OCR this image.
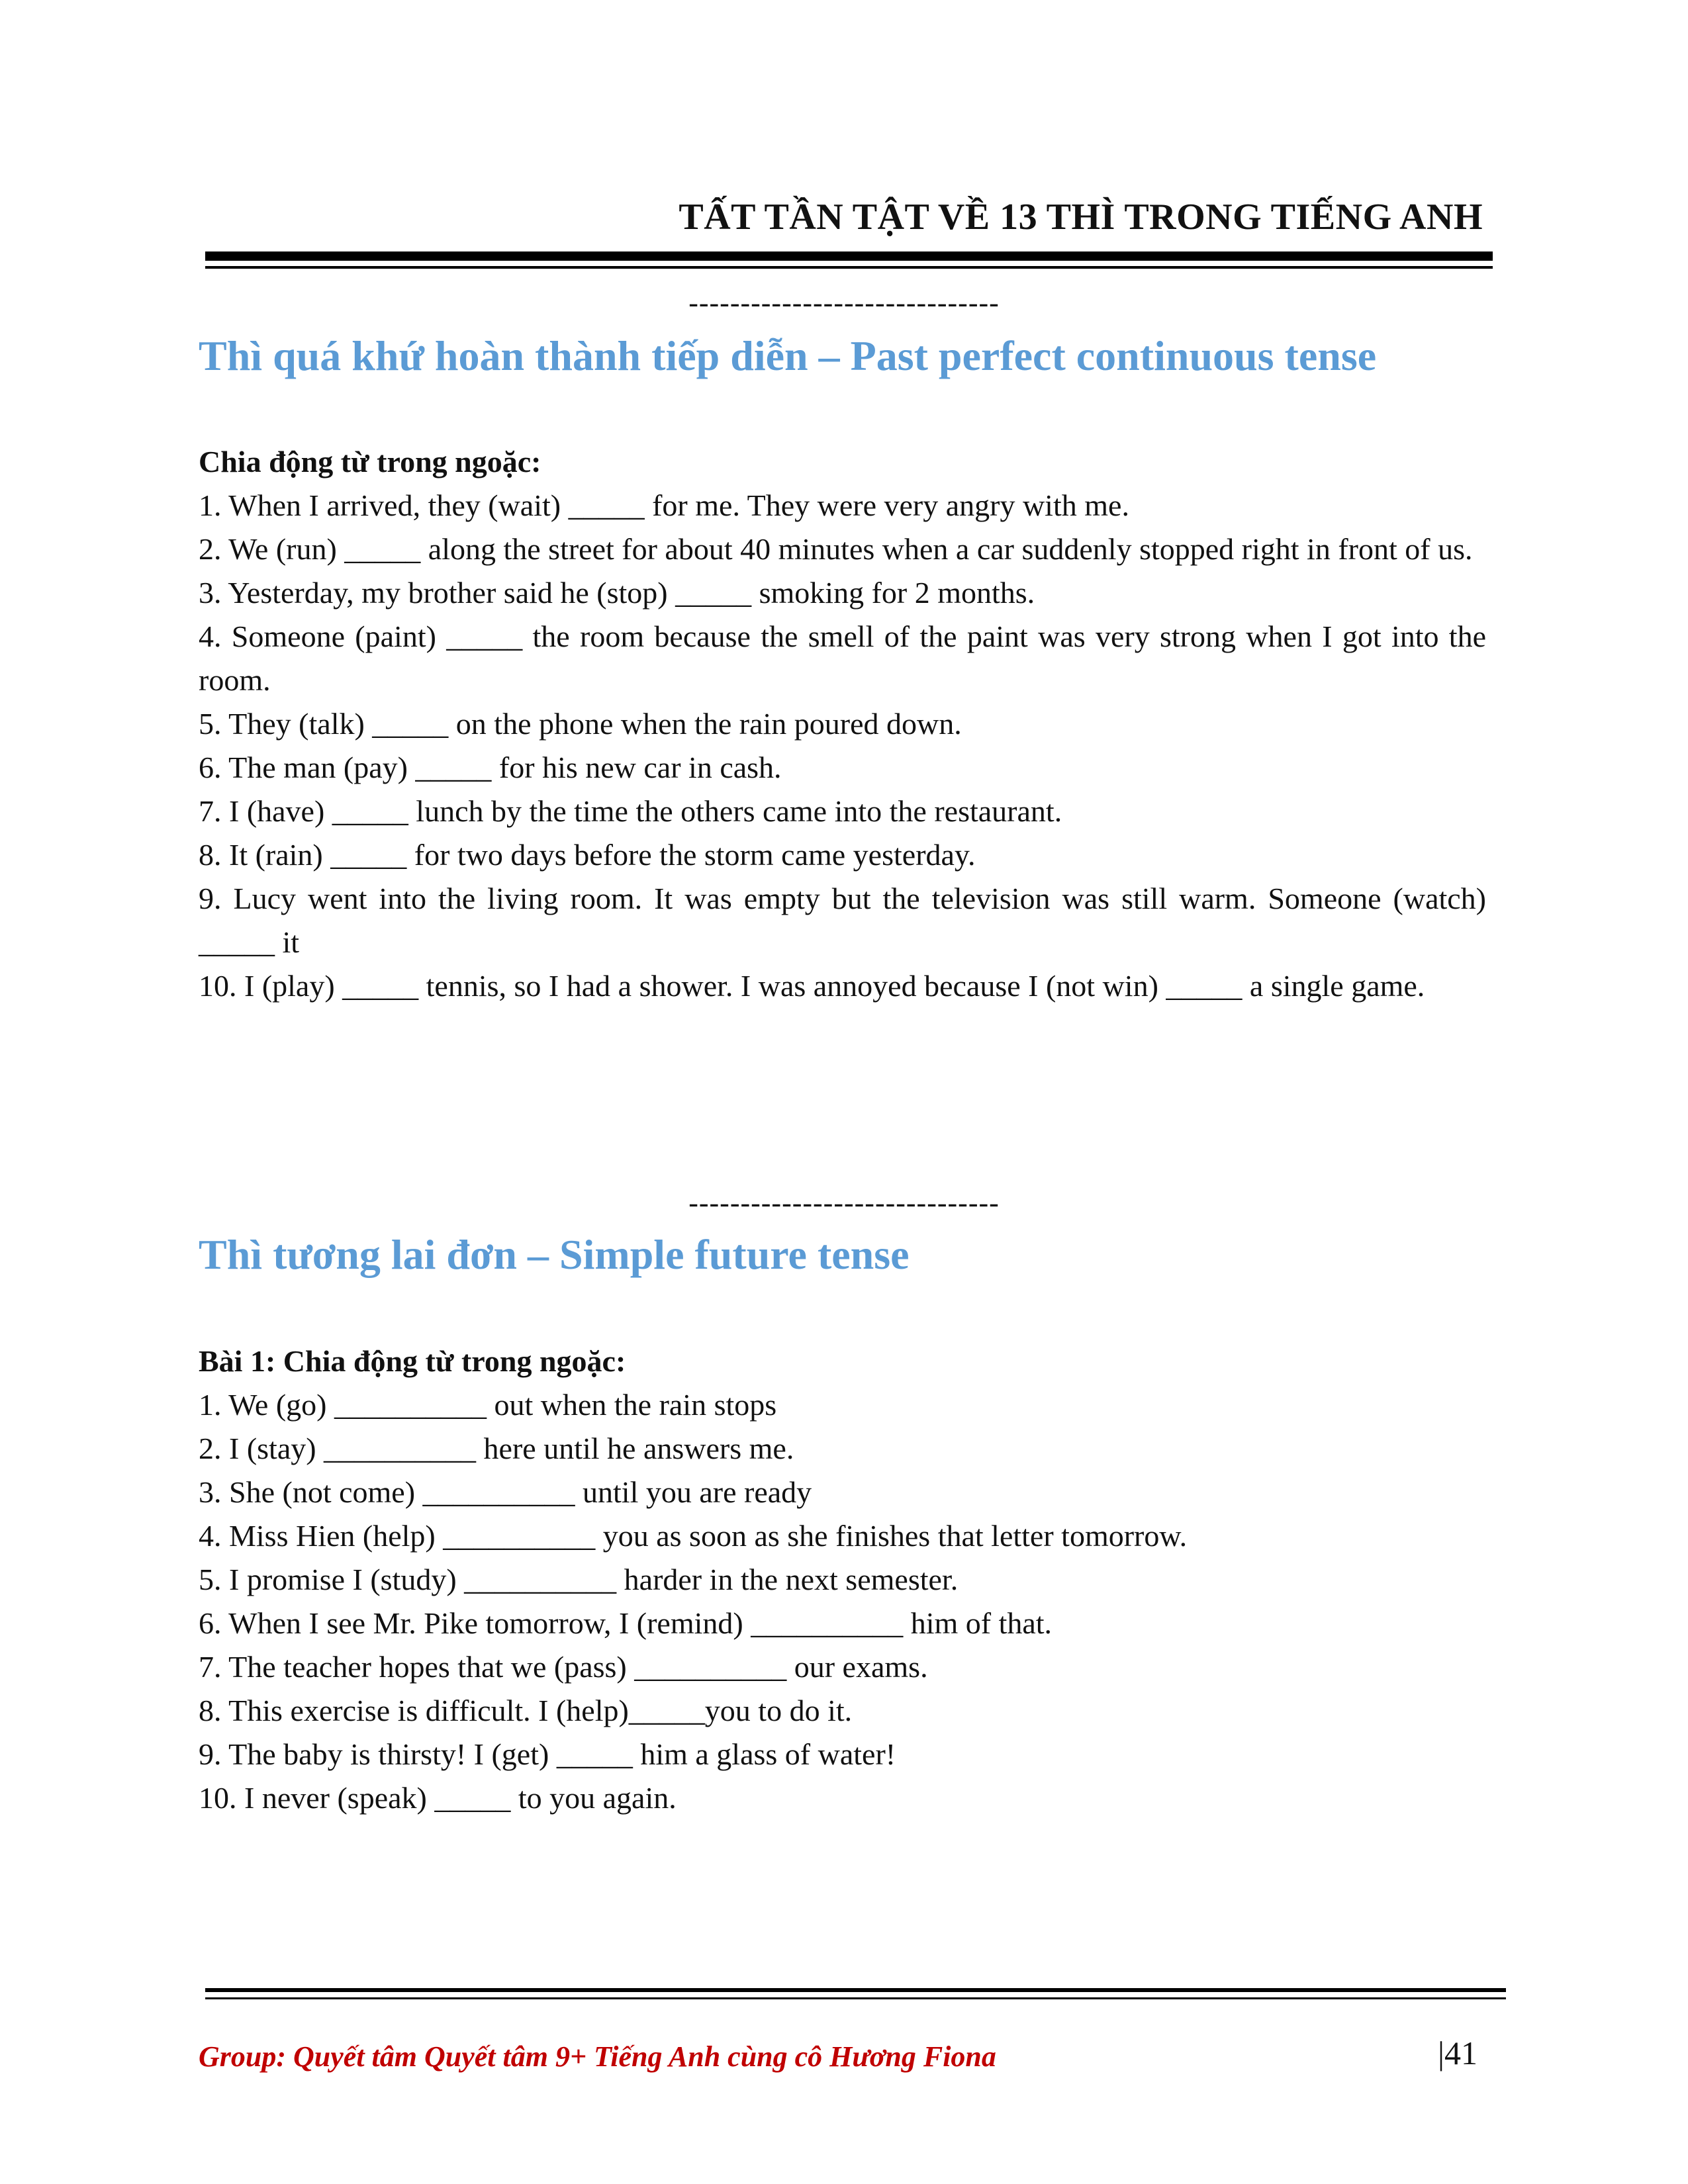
TẤT TẦN TẬT VỀ 13 THÌ TRONG TIẾNG ANH
------------------------------
Thì quá khứ hoàn thành tiếp diễn – Past perfect continuous tense
Chia động từ trong ngoặc:
1. When I arrived, they (wait) _____ for me. They were very angry with me.
2. We (run) _____ along the street for about 40 minutes when a car suddenly stopped right in front of us.
3. Yesterday, my brother said he (stop) _____ smoking for 2 months.
4. Someone (paint) _____ the room because the smell of the paint was very strong when I got into the room.
5. They (talk) _____ on the phone when the rain poured down.
6. The man (pay) _____ for his new car in cash.
7. I (have) _____ lunch by the time the others came into the restaurant.
8. It (rain) _____ for two days before the storm came yesterday.
9. Lucy went into the living room. It was empty but the television was still warm. Someone (watch) _____ it
10. I (play) _____ tennis, so I had a shower. I was annoyed because I (not win) _____ a single game.
------------------------------
Thì tương lai đơn – Simple future tense
Bài 1: Chia động từ trong ngoặc:
1. We (go) __________ out when the rain stops
2. I (stay) __________ here until he answers me.
3. She (not come) __________ until you are ready
4. Miss Hien (help) __________ you as soon as she finishes that letter tomorrow.
5. I promise I (study) __________ harder in the next semester.
6. When I see Mr. Pike tomorrow, I (remind) __________ him of that.
7. The teacher hopes that we (pass) __________ our exams.
8. This exercise is difficult. I (help)_____you to do it.
9. The baby is thirsty! I (get) _____ him a glass of water!
10. I never (speak) _____ to you again.
Group: Quyết tâm Quyết tâm 9+ Tiếng Anh cùng cô Hương Fiona	|41
